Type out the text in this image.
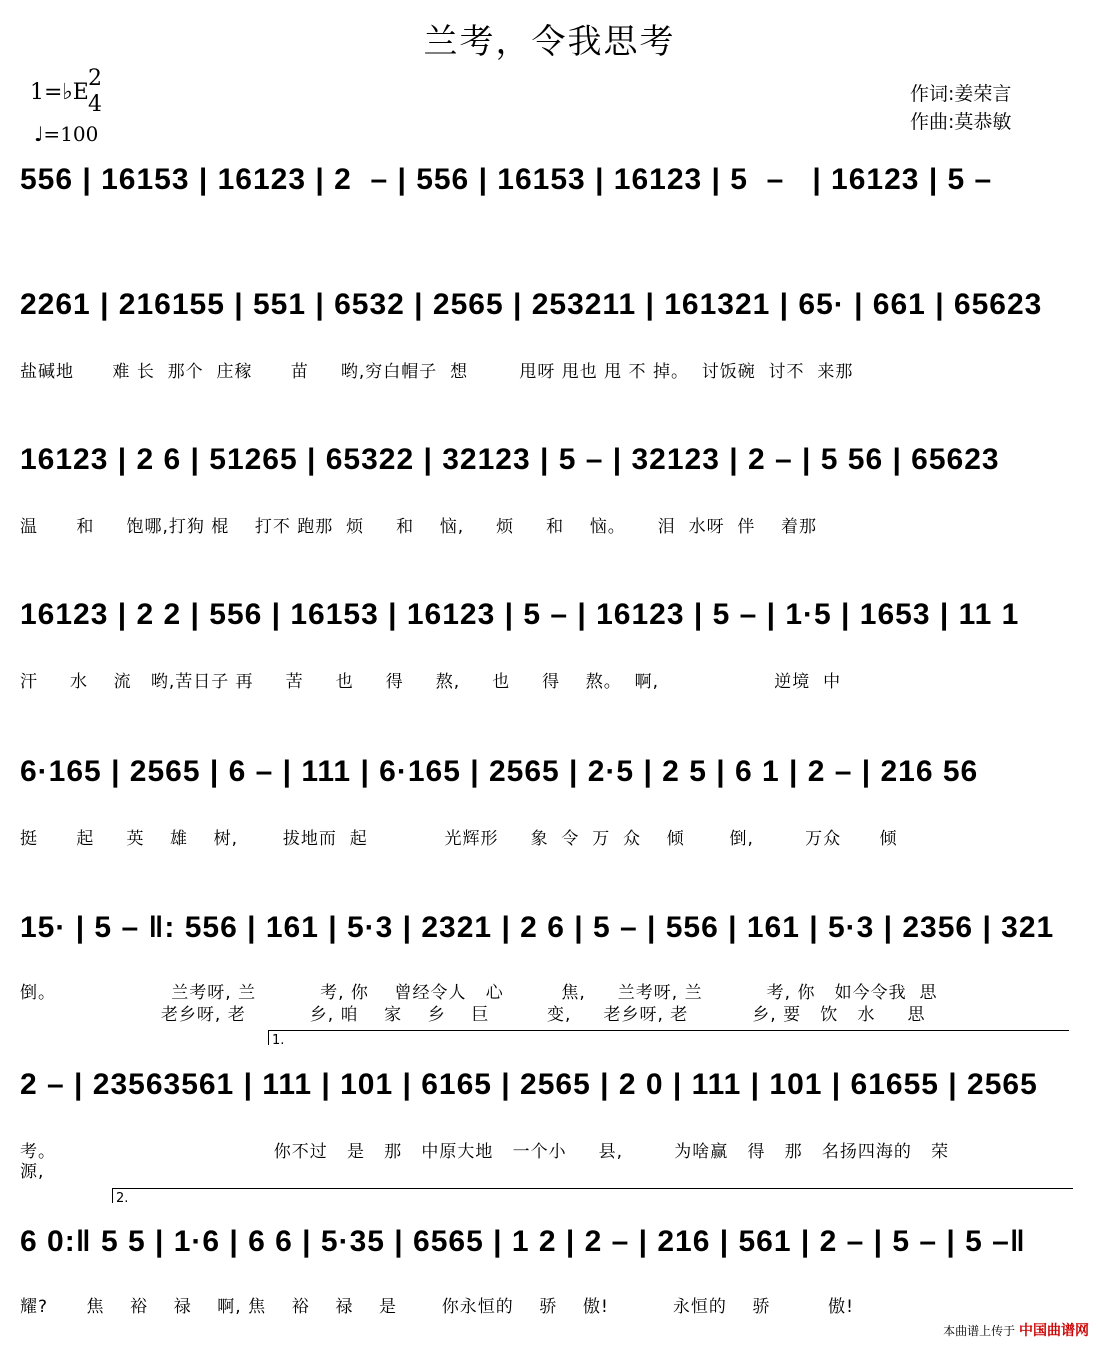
兰考，令我思考
1=♭E
2
4
♩=100
作词:姜荣言
作曲:莫恭敏
556 | 16153 | 16123 | 2  – | 556 | 16153 | 16123 | 5  –   | 16123 | 5 –
2261 | 216155 | 551 | 6532 | 2565 | 253211 | 161321 | 65· | 661 | 65623
盐碱地      难 长  那个  庄稼      苗     哟,穷白帽子  想        甩呀 甩也 甩 不 掉。  讨饭碗  讨不  来那
16123 | 2 6 | 51265 | 65322 | 32123 | 5 – | 32123 | 2 – | 5 56 | 65623
温      和     饱哪,打狗 棍    打不 跑那  烦     和    恼,     烦     和    恼。     泪  水呀  伴    着那
16123 | 2 2 | 556 | 16153 | 16123 | 5 – | 16123 | 5 – | 1·5 | 1653 | 11 1
汗     水    流   哟,苦日子 再     苦     也     得     熬,     也     得    熬。  啊,                  逆境  中
6·165 | 2565 | 6 – | 111 | 6·165 | 2565 | 2·5 | 2 5 | 6 1 | 2 – | 216 56
挺      起     英    雄    树,       拔地而  起            光辉形     象  令  万  众    倾       倒,        万众      倾
15· | 5 – ‖: 556 | 161 | 5·3 | 2321 | 2 6 | 5 – | 556 | 161 | 5·3 | 2356 | 321
倒。                  兰考呀, 兰          考, 你    曾经令人   心         焦,     兰考呀, 兰          考, 你   如今令我  思
老乡呀, 老          乡, 咱    家    乡    巨         变,     老乡呀, 老          乡, 要   饮   水     思
1.
2 – | 23563561 | 111 | 101 | 6165 | 2565 | 2 0 | 111 | 101 | 61655 | 2565
考。                                  你不过   是   那   中原大地   一个小     县,        为啥赢   得   那   名扬四海的   荣
源,
2.
6 0:‖ 5 5 | 1·6 | 6 6 | 5·35 | 6565 | 1 2 | 2 – | 216 | 561 | 2 – | 5 – | 5 –‖
耀?      焦    裕    禄    啊, 焦    裕    禄    是       你永恒的    骄    傲!          永恒的    骄         傲!
本曲谱上传于 中国曲谱网
